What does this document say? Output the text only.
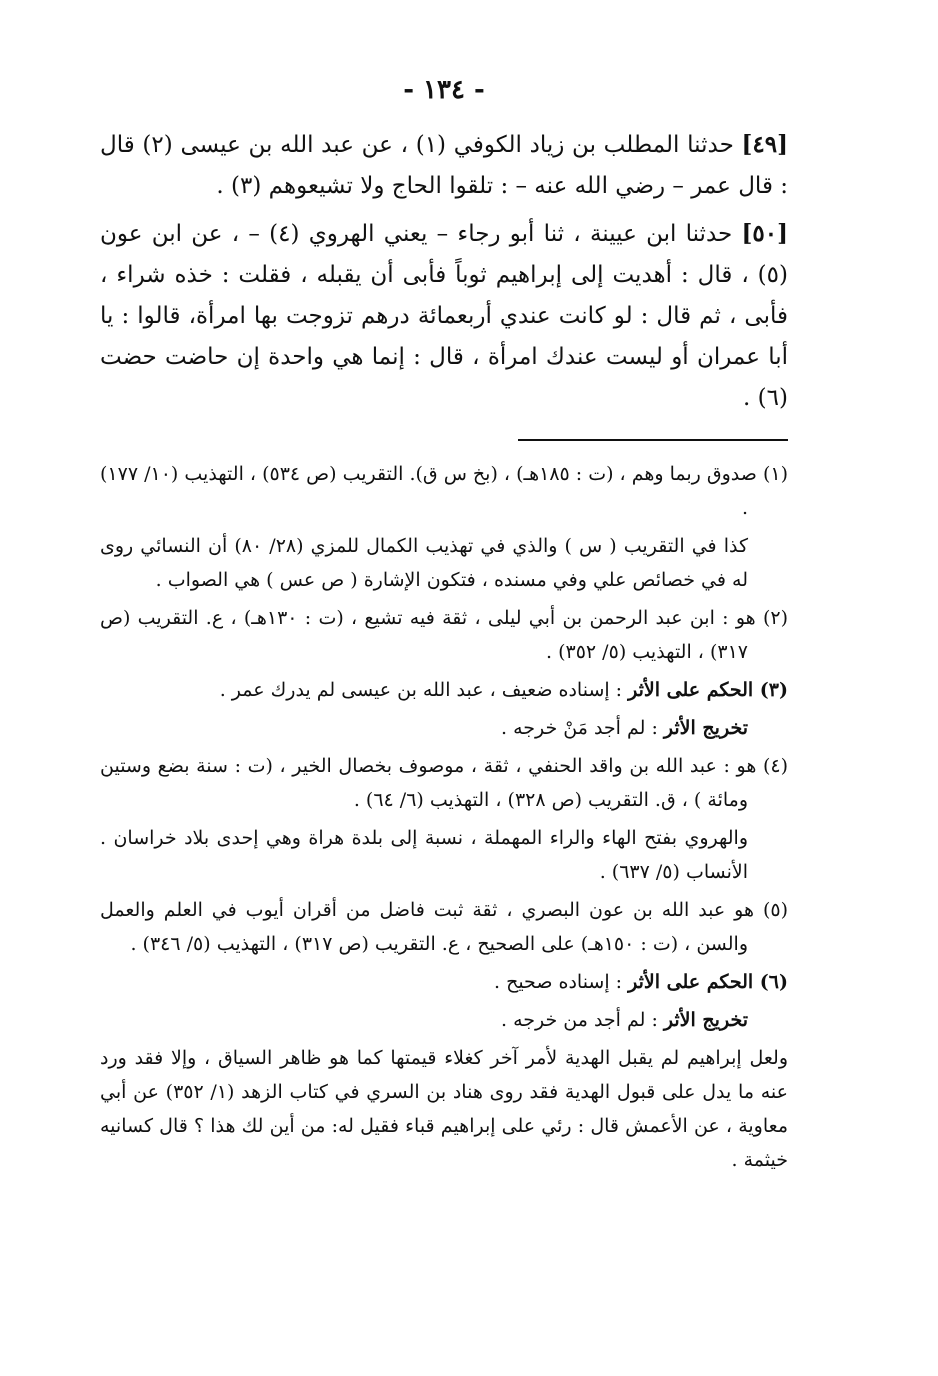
- ١٣٤ -

[٤٩] حدثنا المطلب بن زياد الكوفي (١) ، عن عبد الله بن عيسى (٢) قال : قال عمر – رضي الله عنه – : تلقوا الحاج ولا تشيعوهم (٣) .

[٥٠] حدثنا ابن عيينة ، ثنا أبو رجاء – يعني الهروي (٤) – ، عن ابن عون (٥) ، قال : أهديت إلى إبراهيم ثوباً فأبى أن يقبله ، فقلت : خذه شراء ، فأبى ، ثم قال : لو كانت عندي أربعمائة درهم تزوجت بها امرأة، قالوا : يا أبا عمران أو ليست عندك امرأة ، قال : إنما هي واحدة إن حاضت حضت (٦) .

(١) صدوق ربما وهم ، (ت : ١٨٥هـ) ، (بخ س ق). التقريب (ص ٥٣٤) ، التهذيب (١٠/ ١٧٧) .
كذا في التقريب ( س ) والذي في تهذيب الكمال للمزي (٢٨/ ٨٠) أن النسائي روى له في خصائص علي وفي مسنده ، فتكون الإشارة ( ص عس ) هي الصواب .
(٢) هو : ابن عبد الرحمن بن أبي ليلى ، ثقة فيه تشيع ، (ت : ١٣٠هـ) ، ع. التقريب (ص ٣١٧) ، التهذيب (٥/ ٣٥٢) .
(٣) الحكم على الأثر : إسناده ضعيف ، عبد الله بن عيسى لم يدرك عمر .
تخريج الأثر : لم أجد مَنْ خرجه .
(٤) هو : عبد الله بن واقد الحنفي ، ثقة ، موصوف بخصال الخير ، (ت : سنة بضع وستين ومائة ) ، ق. التقريب (ص ٣٢٨) ، التهذيب (٦/ ٦٤) .
والهروي بفتح الهاء والراء المهملة ، نسبة إلى بلدة هراة وهي إحدى بلاد خراسان . الأنساب (٥/ ٦٣٧) .
(٥) هو عبد الله بن عون البصري ، ثقة ثبت فاضل من أقران أيوب في العلم والعمل والسن ، (ت : ١٥٠هـ) على الصحيح ، ع. التقريب (ص ٣١٧) ، التهذيب (٥/ ٣٤٦) .
(٦) الحكم على الأثر : إسناده صحيح .
تخريج الأثر : لم أجد من خرجه .
ولعل إبراهيم لم يقبل الهدية لأمر آخر كغلاء قيمتها كما هو ظاهر السياق ، وإلا فقد ورد عنه ما يدل على قبول الهدية فقد روى هناد بن السري في كتاب الزهد (١/ ٣٥٢) عن أبي معاوية ، عن الأعمش قال : رئي على إبراهيم قباء فقيل له: من أين لك هذا ؟ قال كسانيه خيثمة .
